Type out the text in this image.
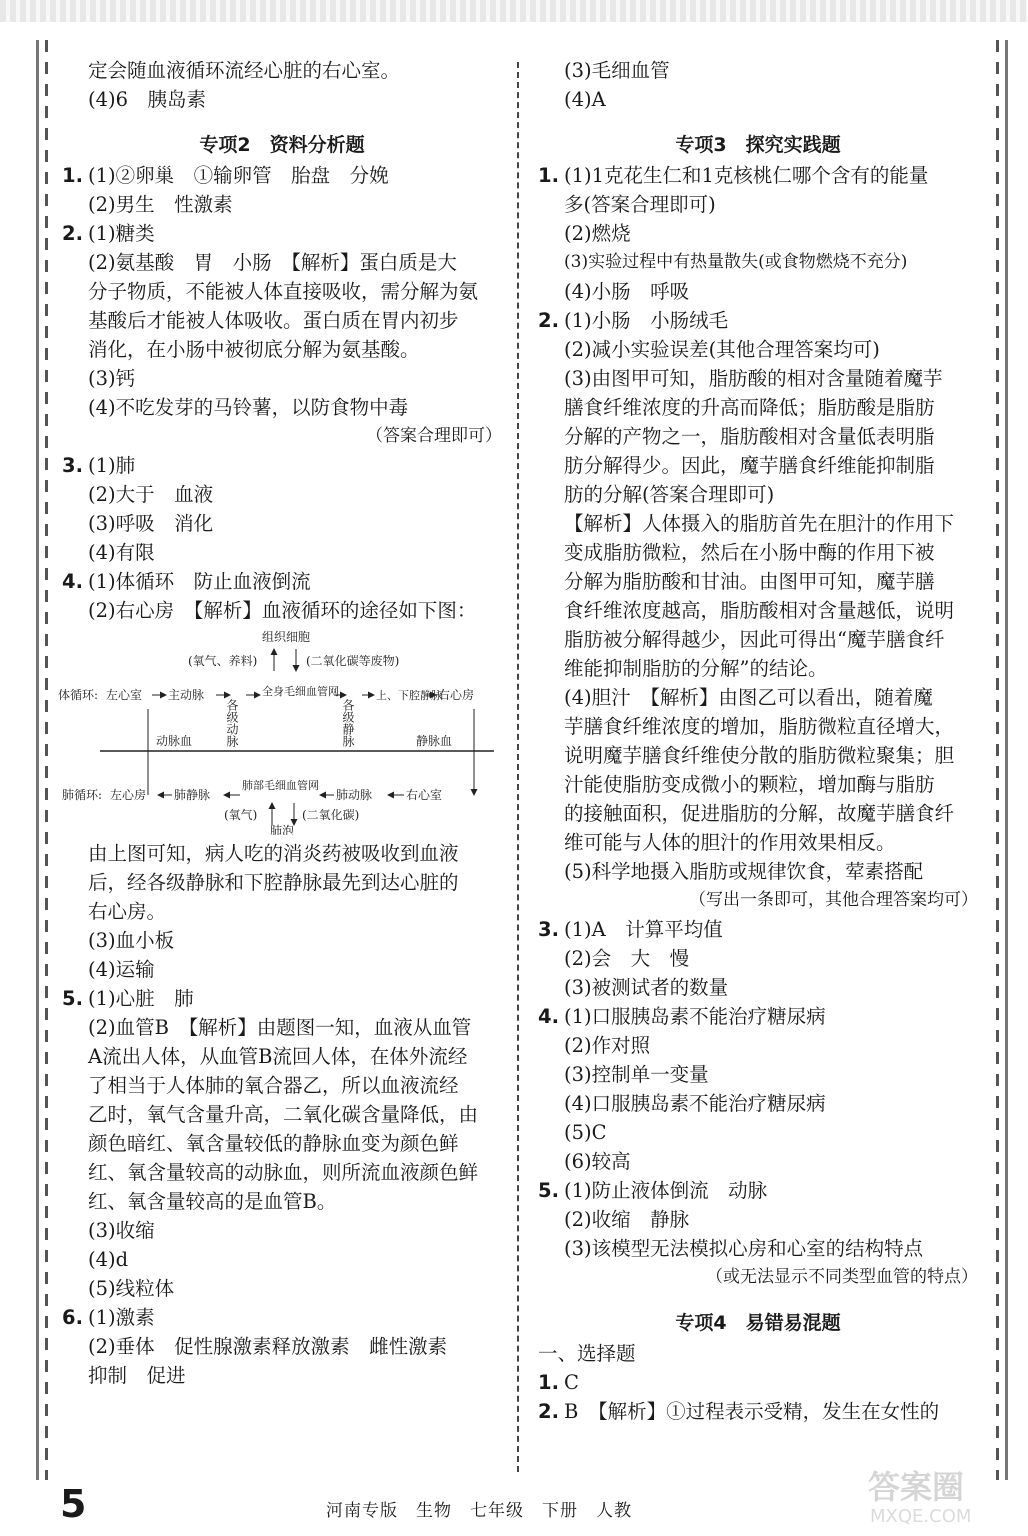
定会随血液循环流经心脏的右心室。
(4)6　胰岛素
专项2　资料分析题
1. (1)②卵巢　①输卵管　胎盘　分娩
(2)男生　性激素
2. (1)糖类
(2)氨基酸　胃　小肠　【解析】蛋白质是大
分子物质，不能被人体直接吸收，需分解为氨
基酸后才能被人体吸收。蛋白质在胃内初步
消化，在小肠中被彻底分解为氨基酸。
(3)钙
(4)不吃发芽的马铃薯，以防食物中毒
（答案合理即可）
3. (1)肺
(2)大于　血液
(3)呼吸　消化
(4)有限
4. (1)体循环　防止血液倒流
(2)右心房　【解析】血液循环的途径如下图：
组织细胞
(氧气、养料)	(二氧化碳等废物)
体循环: 左心室 主动脉
各级动脉
全身毛细血管网
各级静脉
上、下腔静脉
右心房
动脉血	静脉血
肺循环: 左心房 肺静脉
肺部毛细血管网
肺动脉	右心室
(氧气)	(二氧化碳)
肺泡
由上图可知，病人吃的消炎药被吸收到血液
后，经各级静脉和下腔静脉最先到达心脏的
右心房。
(3)血小板
(4)运输
5. (1)心脏　肺
(2)血管B　【解析】由题图一知，血液从血管
A流出人体，从血管B流回人体，在体外流经
了相当于人体肺的氧合器乙，所以血液流经
乙时，氧气含量升高，二氧化碳含量降低，由
颜色暗红、氧含量较低的静脉血变为颜色鲜
红、氧含量较高的动脉血，则所流血液颜色鲜
红、氧含量较高的是血管B。
(3)收缩
(4)d
(5)线粒体
6. (1)激素
(2)垂体　促性腺激素释放激素　雌性激素
抑制　促进
(3)毛细血管
(4)A
专项3　探究实践题
1. (1)1克花生仁和1克核桃仁哪个含有的能量
多(答案合理即可)
(2)燃烧
(3)实验过程中有热量散失(或食物燃烧不充分)
(4)小肠　呼吸
2. (1)小肠　小肠绒毛
(2)减小实验误差(其他合理答案均可)
(3)由图甲可知，脂肪酸的相对含量随着魔芋
膳食纤维浓度的升高而降低；脂肪酸是脂肪
分解的产物之一，脂肪酸相对含量低表明脂
肪分解得少。因此，魔芋膳食纤维能抑制脂
肪的分解(答案合理即可)
【解析】人体摄入的脂肪首先在胆汁的作用下
变成脂肪微粒，然后在小肠中酶的作用下被
分解为脂肪酸和甘油。由图甲可知，魔芋膳
食纤维浓度越高，脂肪酸相对含量越低，说明
脂肪被分解得越少，因此可得出“魔芋膳食纤
维能抑制脂肪的分解”的结论。
(4)胆汁　【解析】由图乙可以看出，随着魔
芋膳食纤维浓度的增加，脂肪微粒直径增大，
说明魔芋膳食纤维使分散的脂肪微粒聚集；胆
汁能使脂肪变成微小的颗粒，增加酶与脂肪
的接触面积，促进脂肪的分解，故魔芋膳食纤
维可能与人体的胆汁的作用效果相反。
(5)科学地摄入脂肪或规律饮食，荤素搭配
（写出一条即可，其他合理答案均可）
3. (1)A　计算平均值
(2)会　大　慢
(3)被测试者的数量
4. (1)口服胰岛素不能治疗糖尿病
(2)作对照
(3)控制单一变量
(4)口服胰岛素不能治疗糖尿病
(5)C
(6)较高
5. (1)防止液体倒流　动脉
(2)收缩　静脉
(3)该模型无法模拟心房和心室的结构特点
（或无法显示不同类型血管的特点）
专项4　易错易混题
一、选择题
1. C
2. B　【解析】①过程表示受精，发生在女性的
5	河南专版　生物　七年级　下册　人教
答案圈
MXQE.COM
